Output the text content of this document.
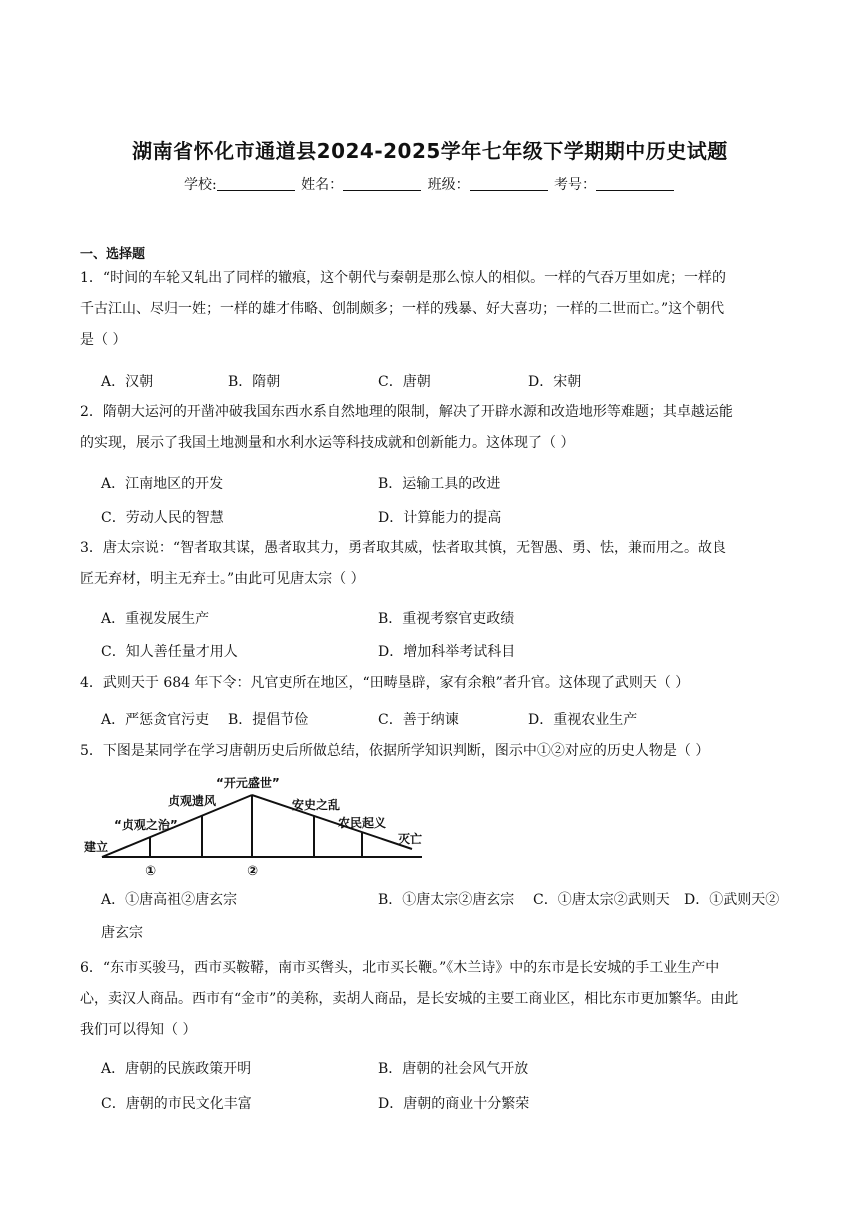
湖南省怀化市通道县2024-2025学年七年级下学期期中历史试题
学校:	姓名：	班级：	考号：
一、选择题
1．“时间的车轮又轧出了同样的辙痕，这个朝代与秦朝是那么惊人的相似。一样的气吞万里如虎；一样的
千古江山、尽归一姓；一样的雄才伟略、创制颇多；一样的残暴、好大喜功；一样的二世而亡。”这个朝代
是（ ）
A．汉朝	B．隋朝	C．唐朝	D．宋朝
2．隋朝大运河的开凿冲破我国东西水系自然地理的限制，解决了开辟水源和改造地形等难题；其卓越运能
的实现，展示了我国土地测量和水利水运等科技成就和创新能力。这体现了（ ）
A．江南地区的开发	B．运输工具的改进
C．劳动人民的智慧	D．计算能力的提高
3．唐太宗说：“智者取其谋，愚者取其力，勇者取其威，怯者取其慎，无智愚、勇、怯，兼而用之。故良
匠无弃材，明主无弃士。”由此可见唐太宗（ ）
A．重视发展生产	B．重视考察官吏政绩
C．知人善任量才用人	D．增加科举考试科目
4．武则天于 684 年下令：凡官吏所在地区，“田畴垦辟，家有余粮”者升官。这体现了武则天（ ）
A．严惩贪官污吏 B．提倡节俭	C．善于纳谏	D．重视农业生产
5．下图是某同学在学习唐朝历史后所做总结，依据所学知识判断，图示中①②对应的历史人物是（ ）
建立
“贞观之治”
贞观遗风
“开元盛世”
安史之乱
农民起义
灭亡
①	②
A．①唐高祖②唐玄宗	B．①唐太宗②唐玄宗 C．①唐太宗②武则天 D．①武则天②
唐玄宗
6．“东市买骏马，西市买鞍鞯，南市买辔头，北市买长鞭。”《木兰诗》中的东市是长安城的手工业生产中
心，卖汉人商品。西市有“金市”的美称，卖胡人商品，是长安城的主要工商业区，相比东市更加繁华。由此
我们可以得知（ ）
A．唐朝的民族政策开明	B．唐朝的社会风气开放
C．唐朝的市民文化丰富	D．唐朝的商业十分繁荣
